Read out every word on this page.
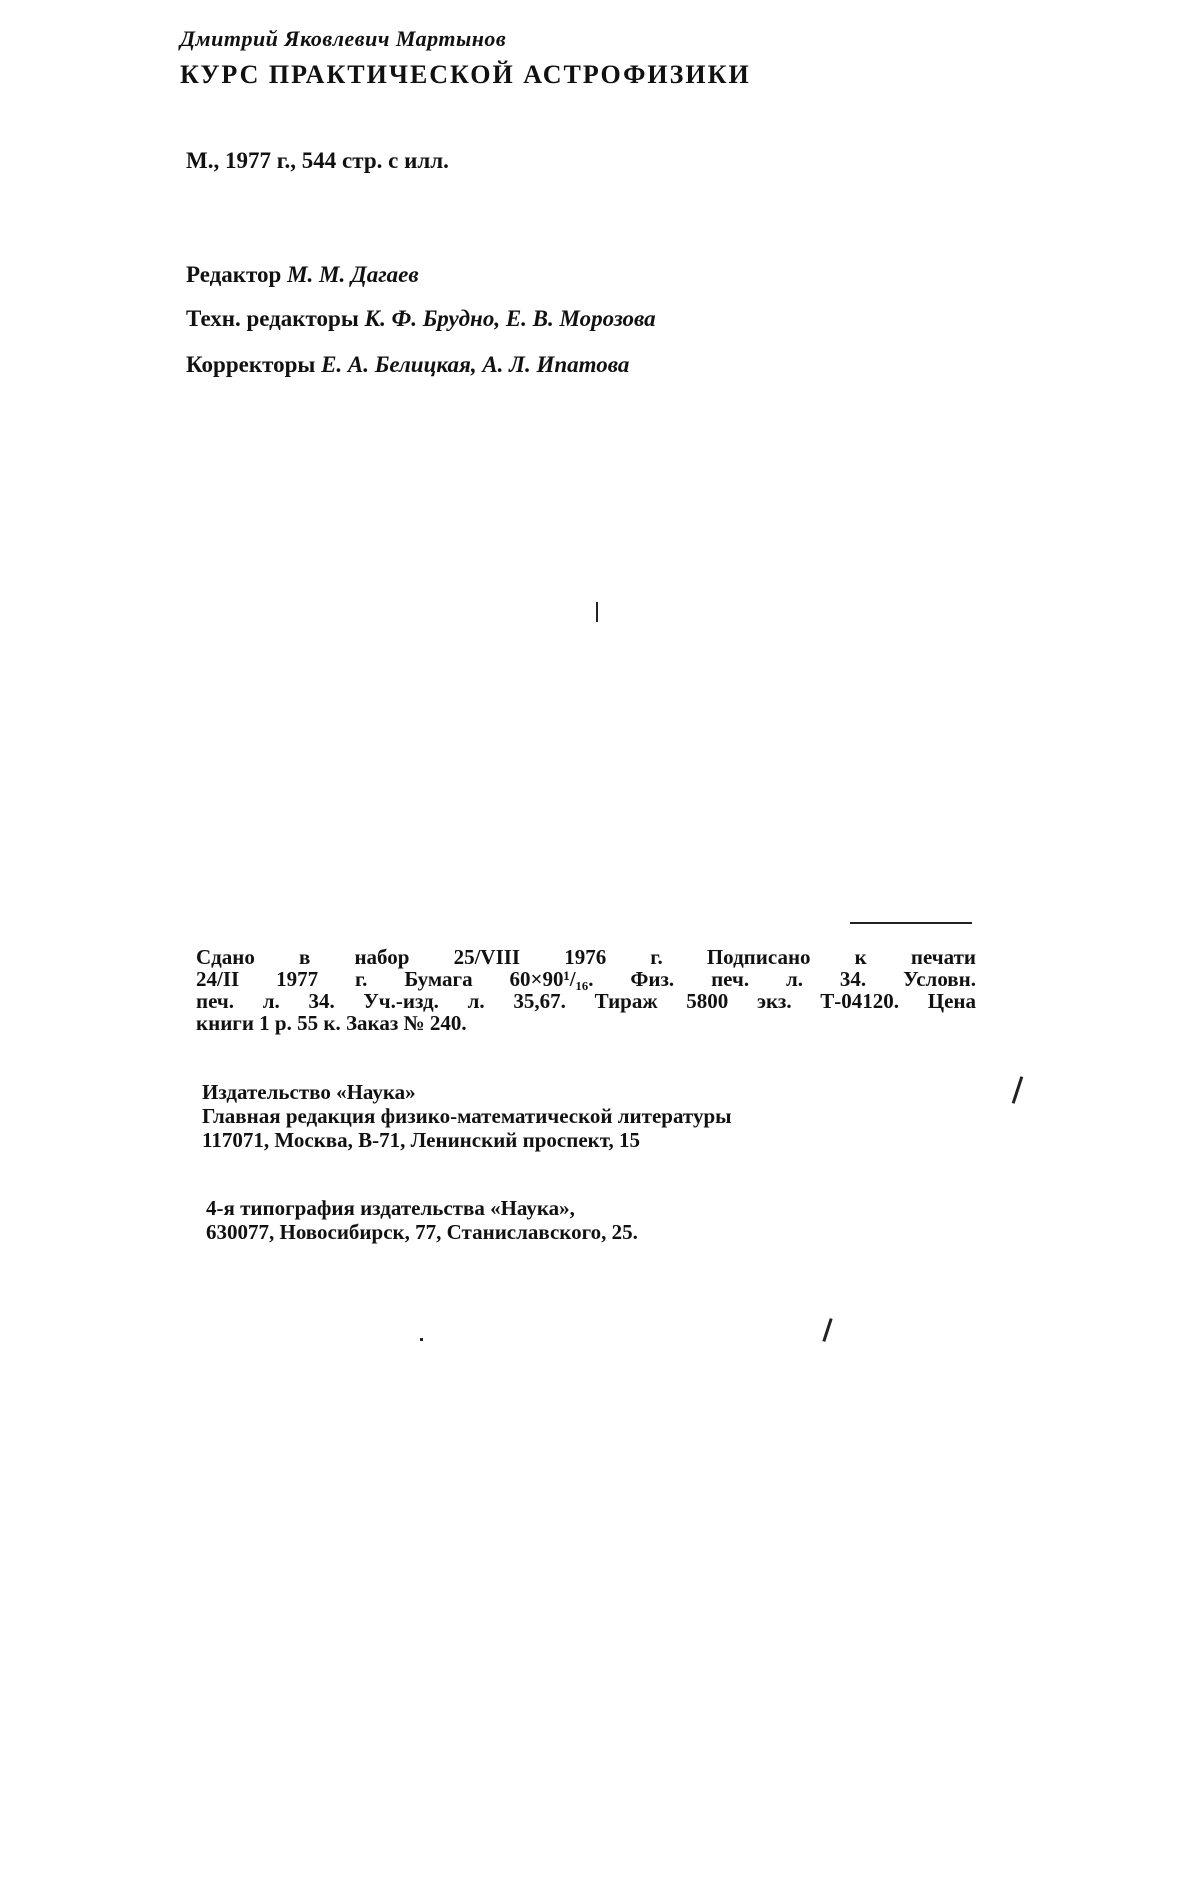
Дмитрий Яковлевич Мартынов
КУРС ПРАКТИЧЕСКОЙ АСТРОФИЗИКИ
М., 1977 г., 544 стр. с илл.
Редактор М. М. Дагаев
Техн. редакторы К. Ф. Брудно, Е. В. Морозова
Корректоры Е. А. Белицкая, А. Л. Ипатова
Сдано в набор 25/VIII 1976 г. Подписано к печати
24/II 1977 г. Бумага 60×90¹/₁₆. Физ. печ. л. 34. Условн.
печ. л. 34. Уч.-изд. л. 35,67. Тираж 5800 экз. Т-04120. Цена
книги 1 р. 55 к. Заказ № 240.
Издательство «Наука»
Главная редакция физико-математической литературы
117071, Москва, В-71, Ленинский проспект, 15
4-я типография издательства «Наука»,
630077, Новосибирск, 77, Станиславского, 25.
